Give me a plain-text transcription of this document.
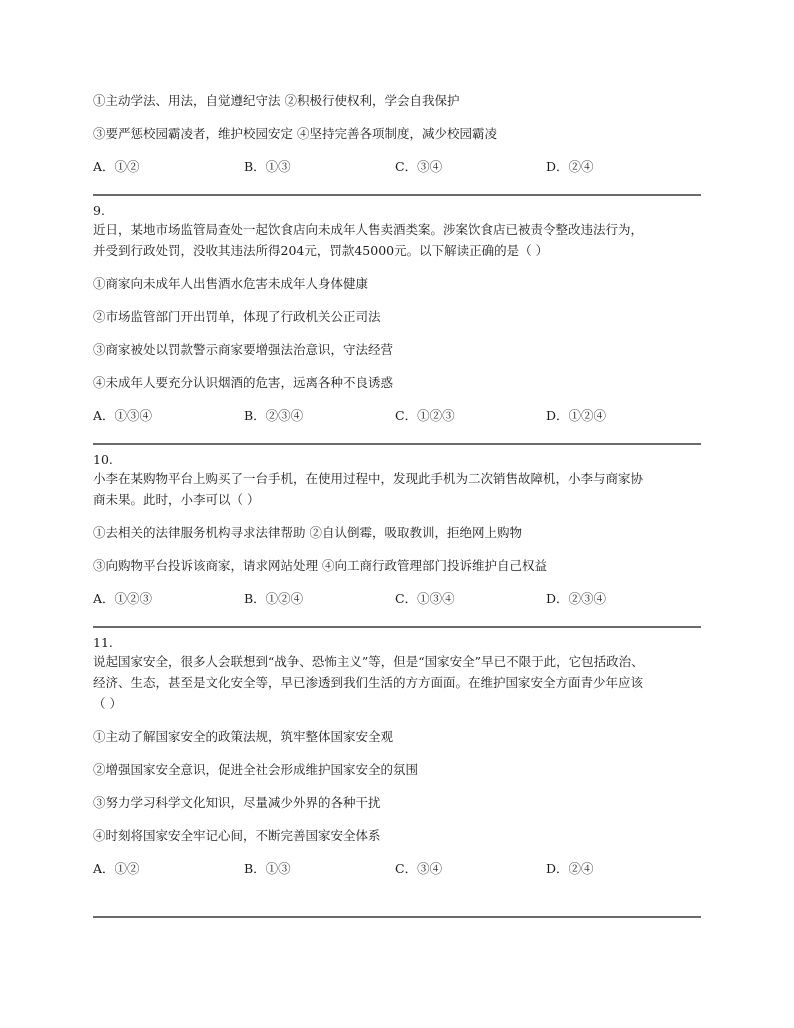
①主动学法、用法，自觉遵纪守法 ②积极行使权利，学会自我保护
③要严惩校园霸凌者，维护校园安定 ④坚持完善各项制度，减少校园霸凌
A．①②	B．①③	C．③④	D．②④
9.
近日，某地市场监管局查处一起饮食店向未成年人售卖酒类案。涉案饮食店已被责令整改违法行为，
并受到行政处罚，没收其违法所得204元，罚款45000元。以下解读正确的是（ ）
①商家向未成年人出售酒水危害未成年人身体健康
②市场监管部门开出罚单，体现了行政机关公正司法
③商家被处以罚款警示商家要增强法治意识，守法经营
④未成年人要充分认识烟酒的危害，远离各种不良诱惑
A．①③④	B．②③④	C．①②③	D．①②④
10.
小李在某购物平台上购买了一台手机，在使用过程中，发现此手机为二次销售故障机，小李与商家协
商未果。此时，小李可以（ ）
①去相关的法律服务机构寻求法律帮助 ②自认倒霉，吸取教训，拒绝网上购物
③向购物平台投诉该商家，请求网站处理 ④向工商行政管理部门投诉维护自己权益
A．①②③	B．①②④	C．①③④	D．②③④
11.
说起国家安全，很多人会联想到“战争、恐怖主义”等，但是“国家安全”早已不限于此，它包括政治、
经济、生态，甚至是文化安全等，早已渗透到我们生活的方方面面。在维护国家安全方面青少年应该
（ ）
①主动了解国家安全的政策法规，筑牢整体国家安全观
②增强国家安全意识，促进全社会形成维护国家安全的氛围
③努力学习科学文化知识，尽量减少外界的各种干扰
④时刻将国家安全牢记心间，不断完善国家安全体系
A．①②	B．①③	C．③④	D．②④
